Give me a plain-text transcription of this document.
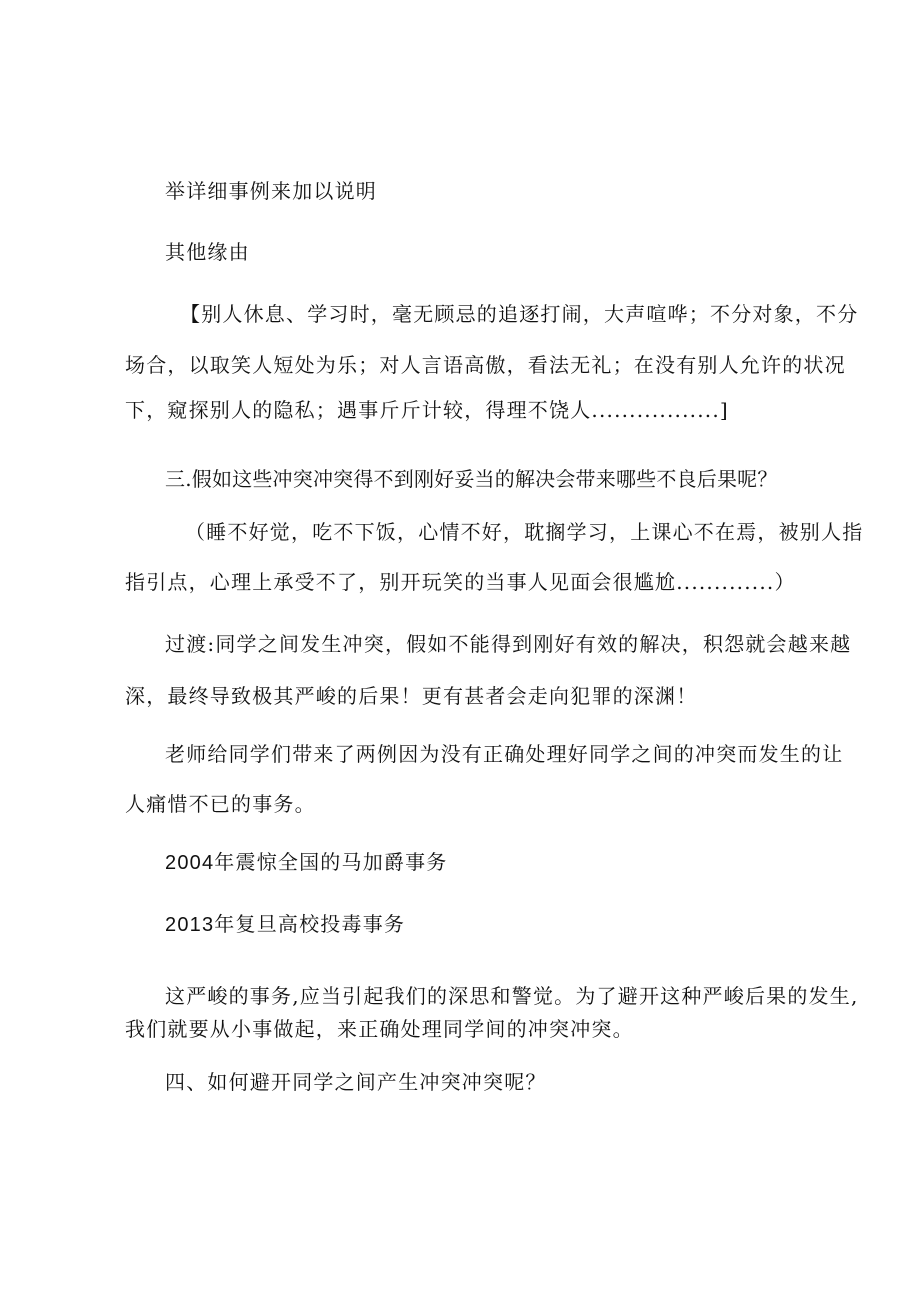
举详细事例来加以说明

其他缘由

【别人休息、学习时，毫无顾忌的追逐打闹，大声喧哗；不分对象，不分

场合，以取笑人短处为乐；对人言语高傲，看法无礼；在没有别人允许的状况

下，窥探别人的隐私；遇事斤斤计较，得理不饶人.................]

三.假如这些冲突冲突得不到刚好妥当的解决会带来哪些不良后果呢？

（睡不好觉，吃不下饭，心情不好，耽搁学习，上课心不在焉，被别人指

指引点，心理上承受不了，别开玩笑的当事人见面会很尴尬.............）

过渡:同学之间发生冲突，假如不能得到刚好有效的解决，积怨就会越来越

深，最终导致极其严峻的后果！更有甚者会走向犯罪的深渊！

老师给同学们带来了两例因为没有正确处理好同学之间的冲突而发生的让

人痛惜不已的事务。

2004年震惊全国的马加爵事务

2013年复旦高校投毒事务

这严峻的事务,应当引起我们的深思和警觉。为了避开这种严峻后果的发生,

我们就要从小事做起，来正确处理同学间的冲突冲突。

四、如何避开同学之间产生冲突冲突呢？
